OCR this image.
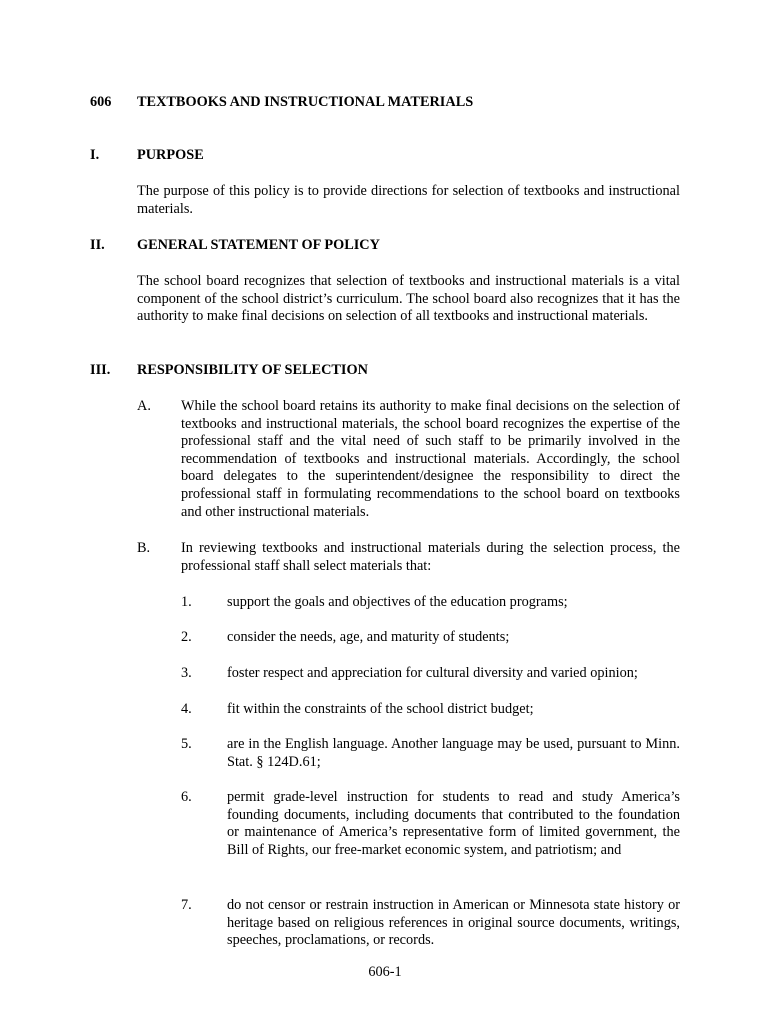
606 TEXTBOOKS AND INSTRUCTIONAL MATERIALS
I.	PURPOSE
The purpose of this policy is to provide directions for selection of textbooks and instructional materials.
II. GENERAL STATEMENT OF POLICY
The school board recognizes that selection of textbooks and instructional materials is a vital component of the school district’s curriculum. The school board also recognizes that it has the authority to make final decisions on selection of all textbooks and instructional materials.
III. RESPONSIBILITY OF SELECTION
A. While the school board retains its authority to make final decisions on the selection of textbooks and instructional materials, the school board recognizes the expertise of the professional staff and the vital need of such staff to be primarily involved in the recommendation of textbooks and instructional materials. Accordingly, the school board delegates to the superintendent/designee the responsibility to direct the professional staff in formulating recommendations to the school board on textbooks and other instructional materials.
B. In reviewing textbooks and instructional materials during the selection process, the professional staff shall select materials that:
1. support the goals and objectives of the education programs;
2. consider the needs, age, and maturity of students;
3. foster respect and appreciation for cultural diversity and varied opinion;
4. fit within the constraints of the school district budget;
5. are in the English language. Another language may be used, pursuant to Minn. Stat. § 124D.61;
6. permit grade-level instruction for students to read and study America’s founding documents, including documents that contributed to the foundation or maintenance of America’s representative form of limited government, the Bill of Rights, our free-market economic system, and patriotism; and
7. do not censor or restrain instruction in American or Minnesota state history or heritage based on religious references in original source documents, writings, speeches, proclamations, or records.
606-1
